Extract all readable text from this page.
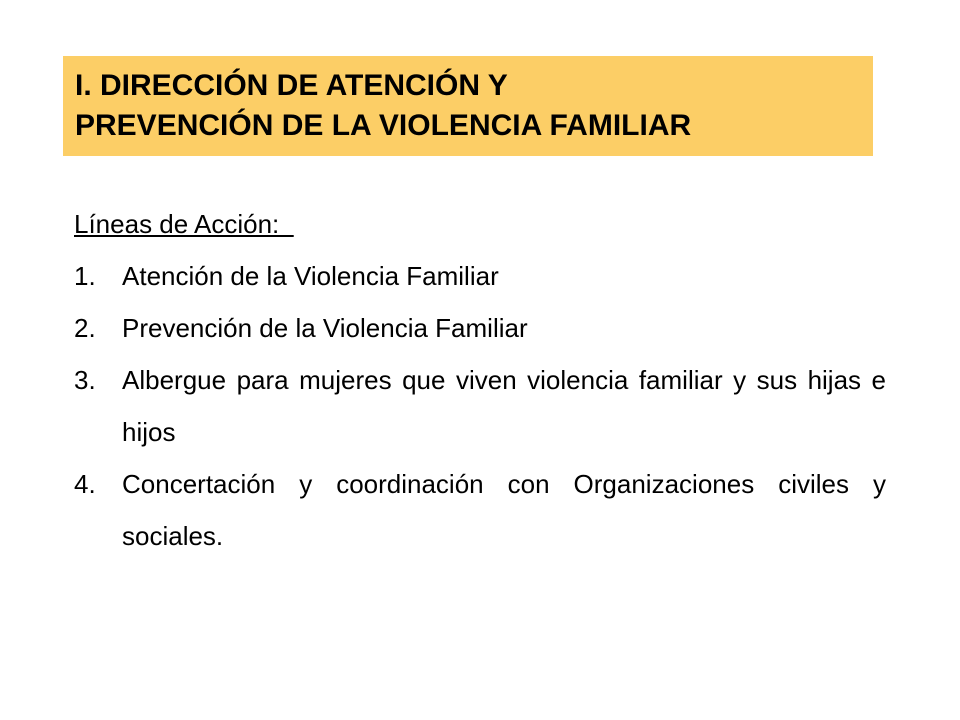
I. DIRECCIÓN DE ATENCIÓN Y
PREVENCIÓN DE LA VIOLENCIA FAMILIAR
Líneas de Acción:
1.	Atención de la Violencia Familiar
2.	Prevención de la Violencia Familiar
3.	Albergue para mujeres que viven violencia familiar y sus hijas e hijos
4.	Concertación y coordinación con Organizaciones civiles y sociales.
